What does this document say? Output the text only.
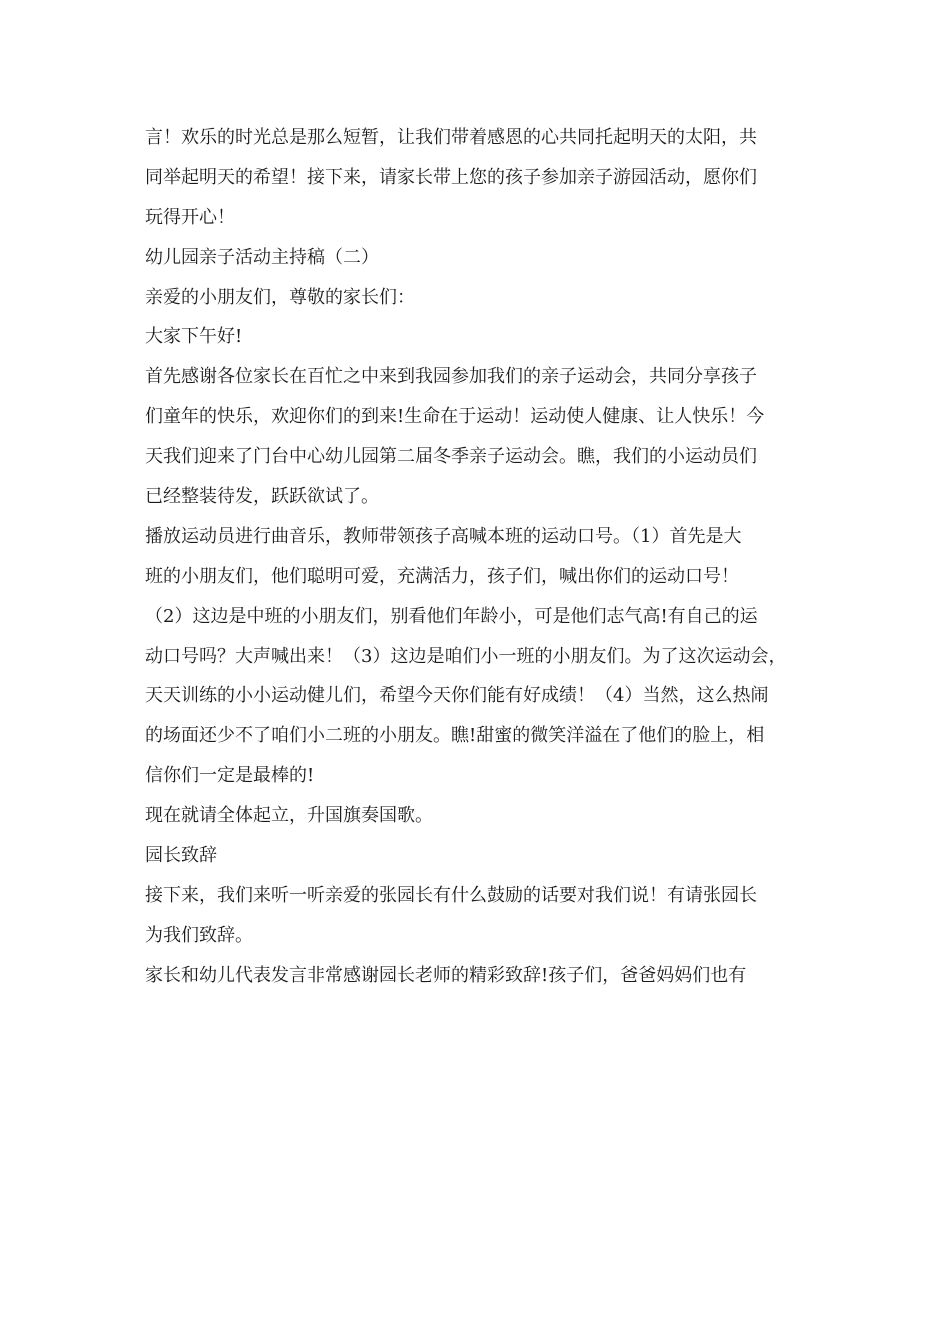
言！欢乐的时光总是那么短暂，让我们带着感恩的心共同托起明天的太阳，共
同举起明天的希望！接下来，请家长带上您的孩子参加亲子游园活动，愿你们
玩得开心！
幼儿园亲子活动主持稿（二）
亲爱的小朋友们，尊敬的家长们：
大家下午好!
首先感谢各位家长在百忙之中来到我园参加我们的亲子运动会，共同分享孩子
们童年的快乐，欢迎你们的到来!生命在于运动！运动使人健康、让人快乐！今
天我们迎来了门台中心幼儿园第二届冬季亲子运动会。瞧，我们的小运动员们
已经整装待发，跃跃欲试了。
播放运动员进行曲音乐，教师带领孩子高喊本班的运动口号。（1）首先是大
班的小朋友们，他们聪明可爱，充满活力，孩子们，喊出你们的运动口号！
（2）这边是中班的小朋友们，别看他们年龄小，可是他们志气高!有自己的运
动口号吗？大声喊出来！（3）这边是咱们小一班的小朋友们。为了这次运动会，
天天训练的小小运动健儿们，希望今天你们能有好成绩！（4）当然，这么热闹
的场面还少不了咱们小二班的小朋友。瞧!甜蜜的微笑洋溢在了他们的脸上，相
信你们一定是最棒的!
现在就请全体起立，升国旗奏国歌。
园长致辞
接下来，我们来听一听亲爱的张园长有什么鼓励的话要对我们说！有请张园长
为我们致辞。
家长和幼儿代表发言非常感谢园长老师的精彩致辞!孩子们，爸爸妈妈们也有
